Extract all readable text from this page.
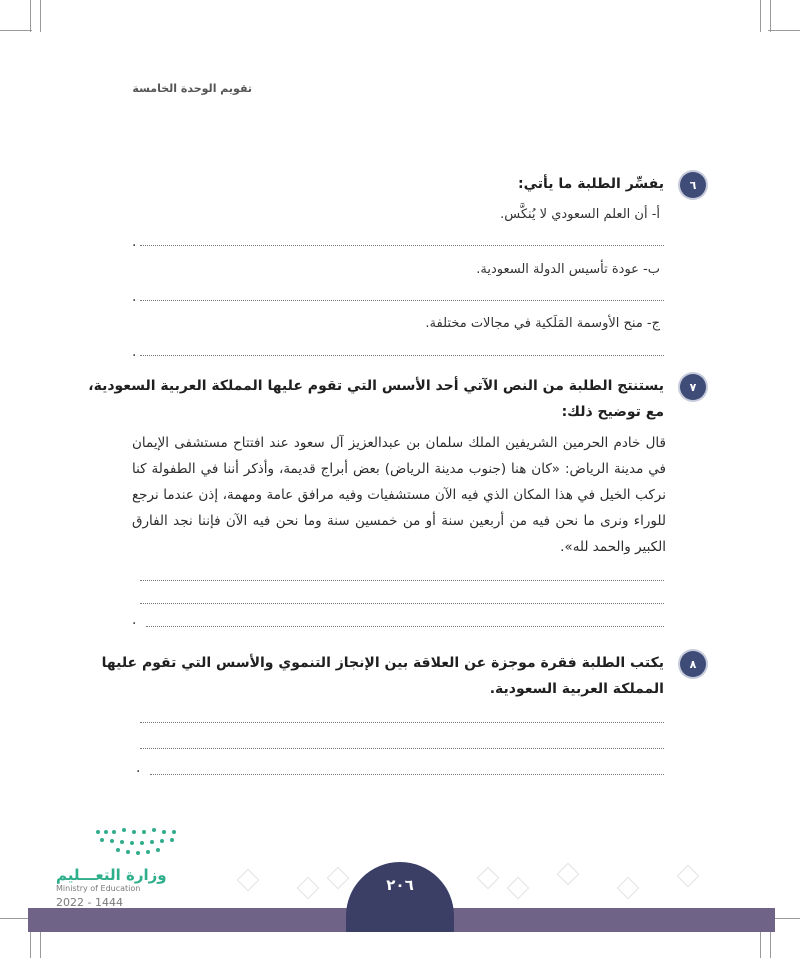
تقويم الوحدة الخامسة
٦
يفسِّر الطلبة ما يأتي:
أ- أن العلم السعودي لا يُنكَّس.
.
ب- عودة تأسيس الدولة السعودية.
.
ج- منح الأوسمة المَلَكية في مجالات مختلفة.
.
٧
يستنتج الطلبة من النص الآتي أحد الأسس التي تقوم عليها المملكة العربية السعودية،
مع توضيح ذلك:
قال خادم الحرمين الشريفين الملك سلمان بن عبدالعزيز آل سعود عند افتتاح مستشفى الإيمان في مدينة الرياض: «كان هنا (جنوب مدينة الرياض) بعض أبراج قديمة، وأذكر أننا في الطفولة كنا نركب الخيل في هذا المكان الذي فيه الآن مستشفيات وفيه مرافق عامة ومهمة، إذن عندما نرجع للوراء ونرى ما نحن فيه من أربعين سنة أو من خمسين سنة وما نحن فيه الآن فإننا نجد الفارق الكبير والحمد لله».
.
٨
يكتب الطلبة فقرة موجزة عن العلاقة بين الإنجاز التنموي والأسس التي تقوم عليها
المملكة العربية السعودية.
.
٢٠٦
وزارة التعـــليم
Ministry of Education
2022 - 1444
